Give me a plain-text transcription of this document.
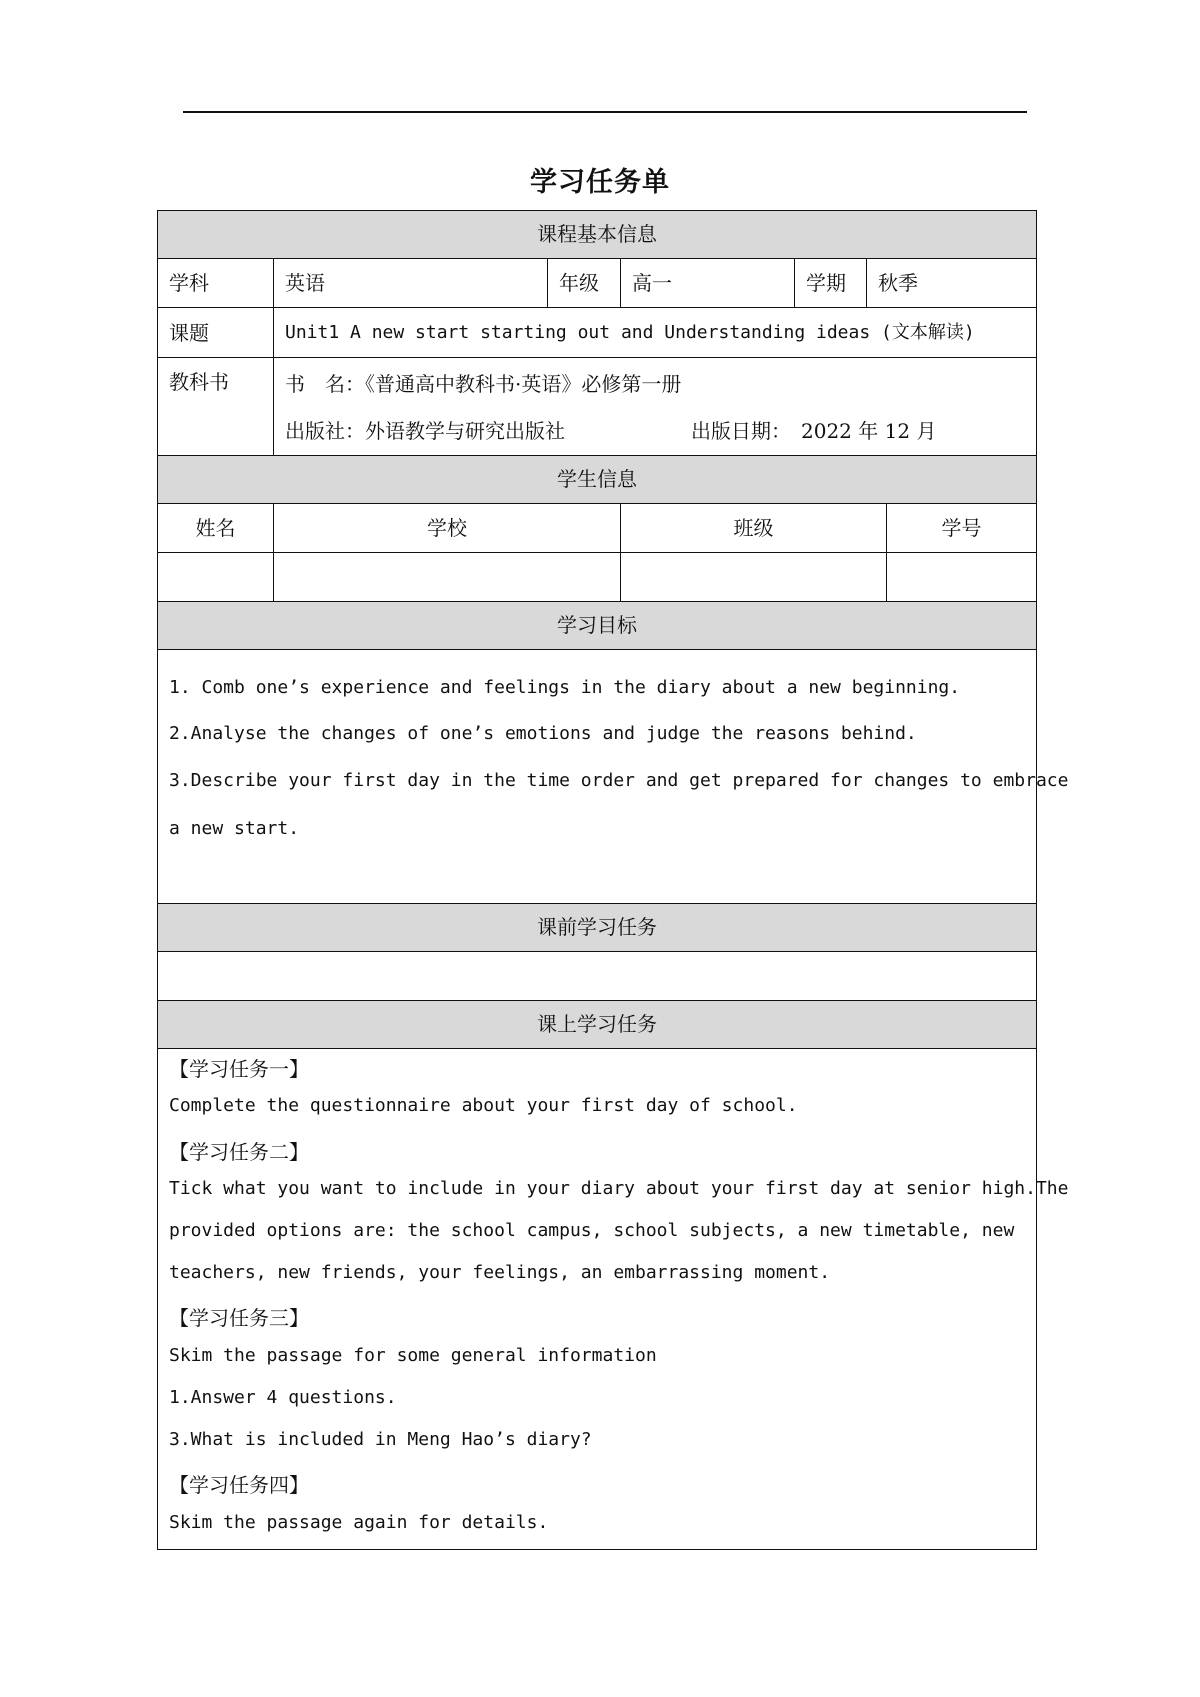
学习任务单
课程基本信息
学科	英语	年级	高一	学期	秋季
课题	Unit1 A new start starting out and Understanding ideas (文本解读)
教科书	书　名：《普通高中教科书·英语》必修第一册
出版社：外语教学与研究出版社	出版日期：　2022 年 12 月
学生信息
姓名	学校	班级	学号
学习目标
1. Comb one’s experience and feelings in the diary about a new beginning.
2.Analyse the changes of one’s emotions and judge the reasons behind.
3.Describe your first day in the time order and get prepared for changes to embrace
a new start.
课前学习任务
课上学习任务
【学习任务一】
Complete the questionnaire about your first day of school.
【学习任务二】
Tick what you want to include in your diary about your first day at senior high.The
provided options are: the school campus, school subjects, a new timetable, new
teachers, new friends, your feelings, an embarrassing moment.
【学习任务三】
Skim the passage for some general information
1.Answer 4 questions.
3.What is included in Meng Hao’s diary?
【学习任务四】
Skim the passage again for details.
